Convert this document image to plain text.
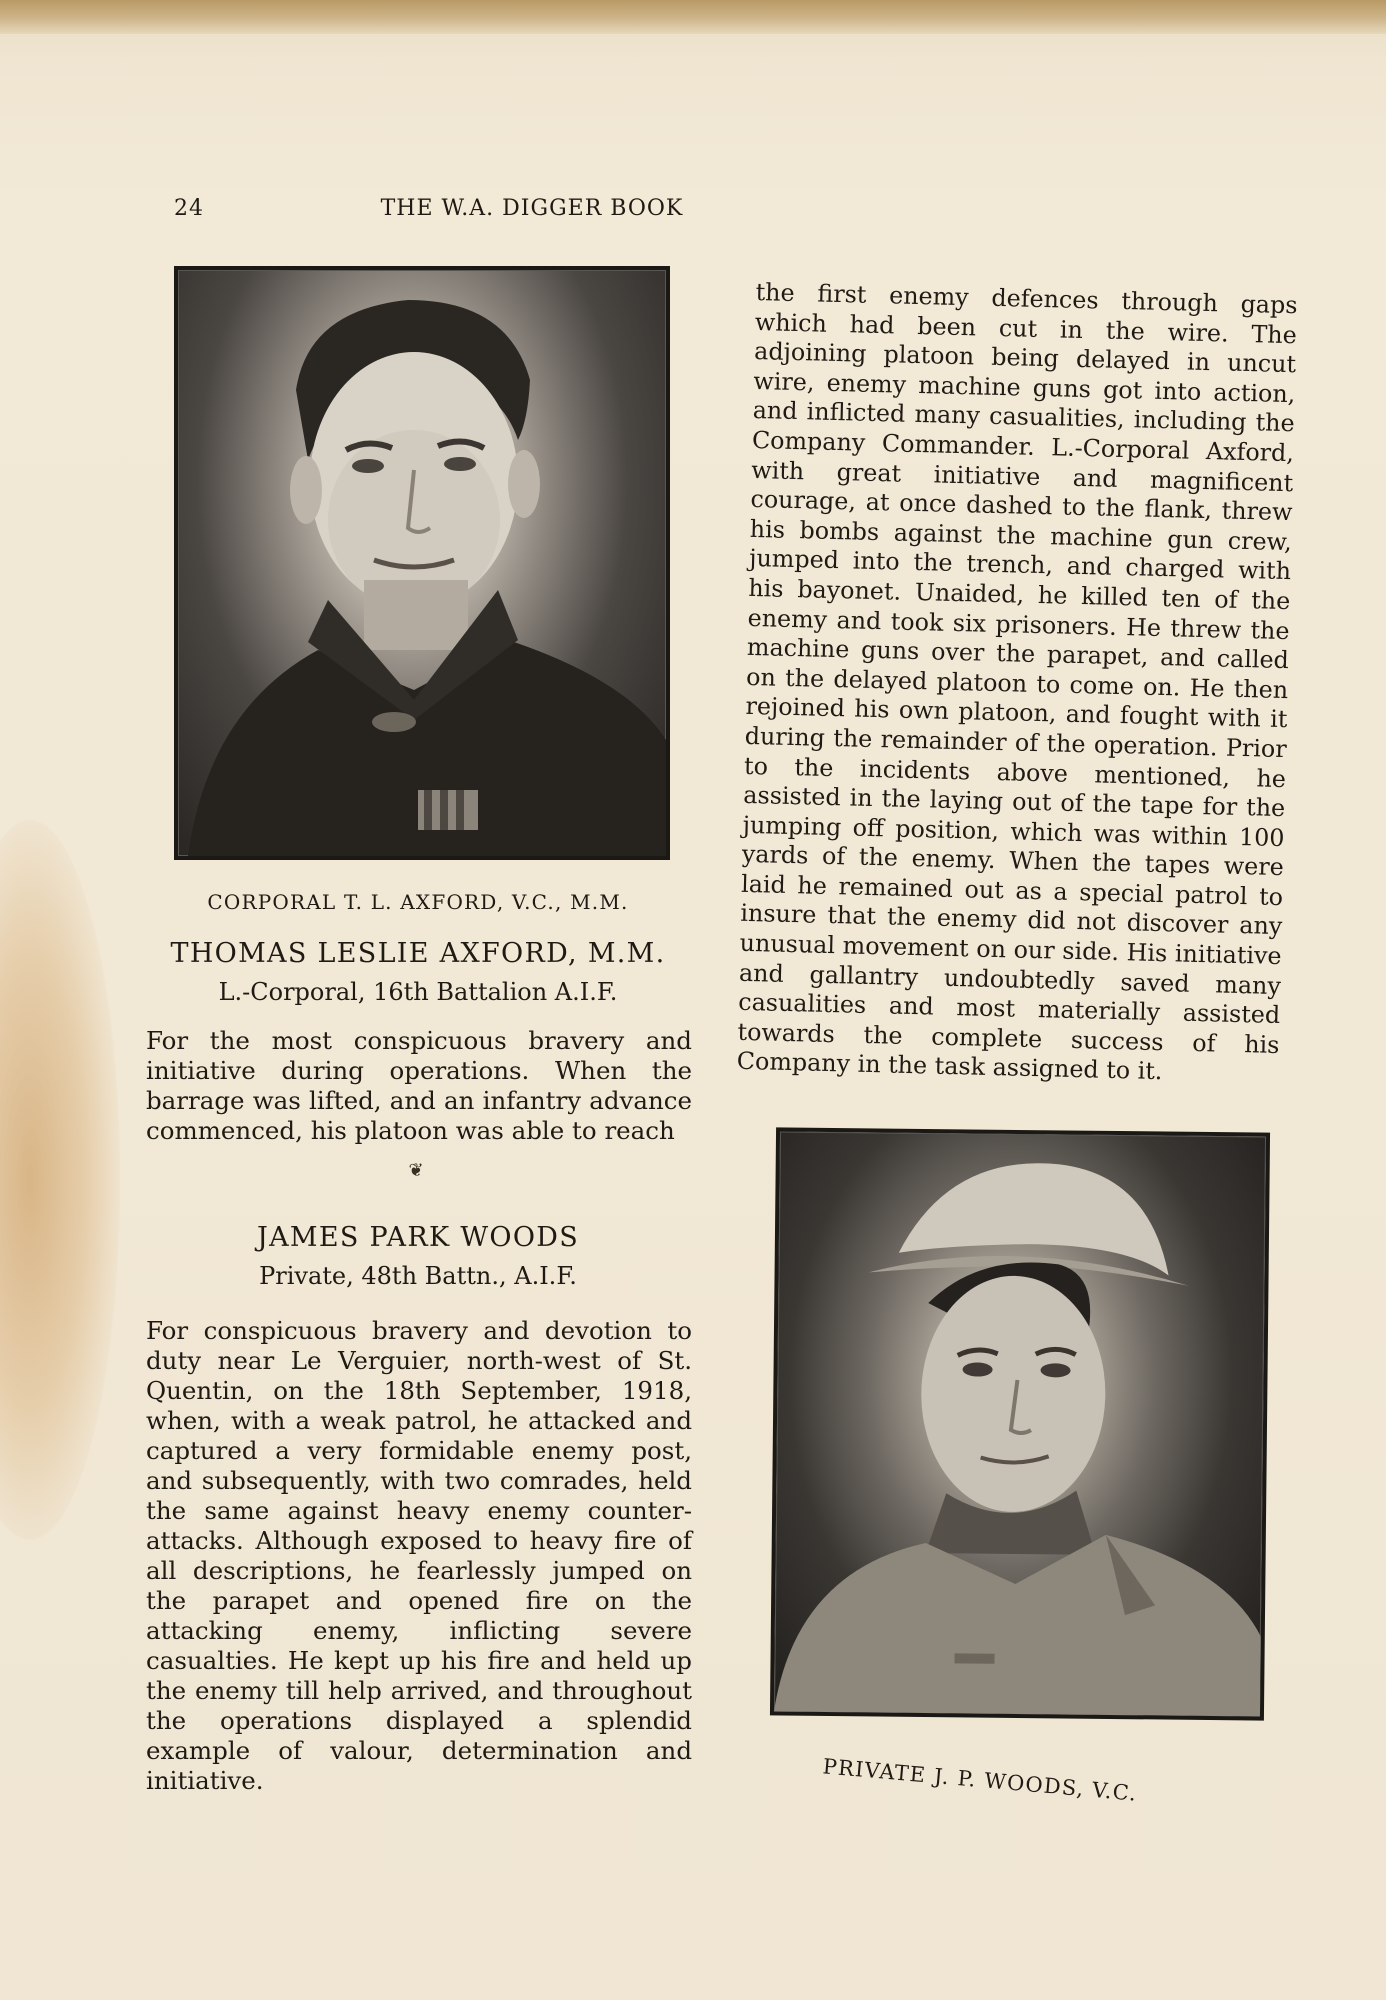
24	THE W.A. DIGGER BOOK
CORPORAL T. L. AXFORD, V.C., M.M.
THOMAS LESLIE AXFORD, M.M.
L.-Corporal, 16th Battalion A.I.F.
For the most conspicuous bravery and initiative during operations. When the barrage was lifted, and an infantry advance commenced, his platoon was able to reach
❦
JAMES PARK WOODS
Private, 48th Battn., A.I.F.
For conspicuous bravery and devotion to duty near Le Verguier, north-west of St. Quentin, on the 18th September, 1918, when, with a weak patrol, he attacked and captured a very formidable enemy post, and subsequently, with two comrades, held the same against heavy enemy counter-attacks. Although exposed to heavy fire of all descriptions, he fearlessly jumped on the parapet and opened fire on the attacking enemy, inflicting severe casualties. He kept up his fire and held up the enemy till help arrived, and throughout the operations displayed a splendid example of valour, determination and initiative.
the first enemy defences through gaps which had been cut in the wire. The adjoining platoon being delayed in uncut wire, enemy machine guns got into action, and inflicted many casualities, including the Company Commander. L.-Corporal Axford, with great initiative and magnificent courage, at once dashed to the flank, threw his bombs against the machine gun crew, jumped into the trench, and charged with his bayonet. Unaided, he killed ten of the enemy and took six prisoners. He threw the machine guns over the parapet, and called on the delayed platoon to come on. He then rejoined his own platoon, and fought with it during the remainder of the operation. Prior to the incidents above mentioned, he assisted in the laying out of the tape for the jumping off position, which was within 100 yards of the enemy. When the tapes were laid he remained out as a special patrol to insure that the enemy did not discover any unusual movement on our side. His initiative and gallantry undoubtedly saved many casualities and most materially assisted towards the complete success of his Company in the task assigned to it.
PRIVATE J. P. WOODS, V.C.
